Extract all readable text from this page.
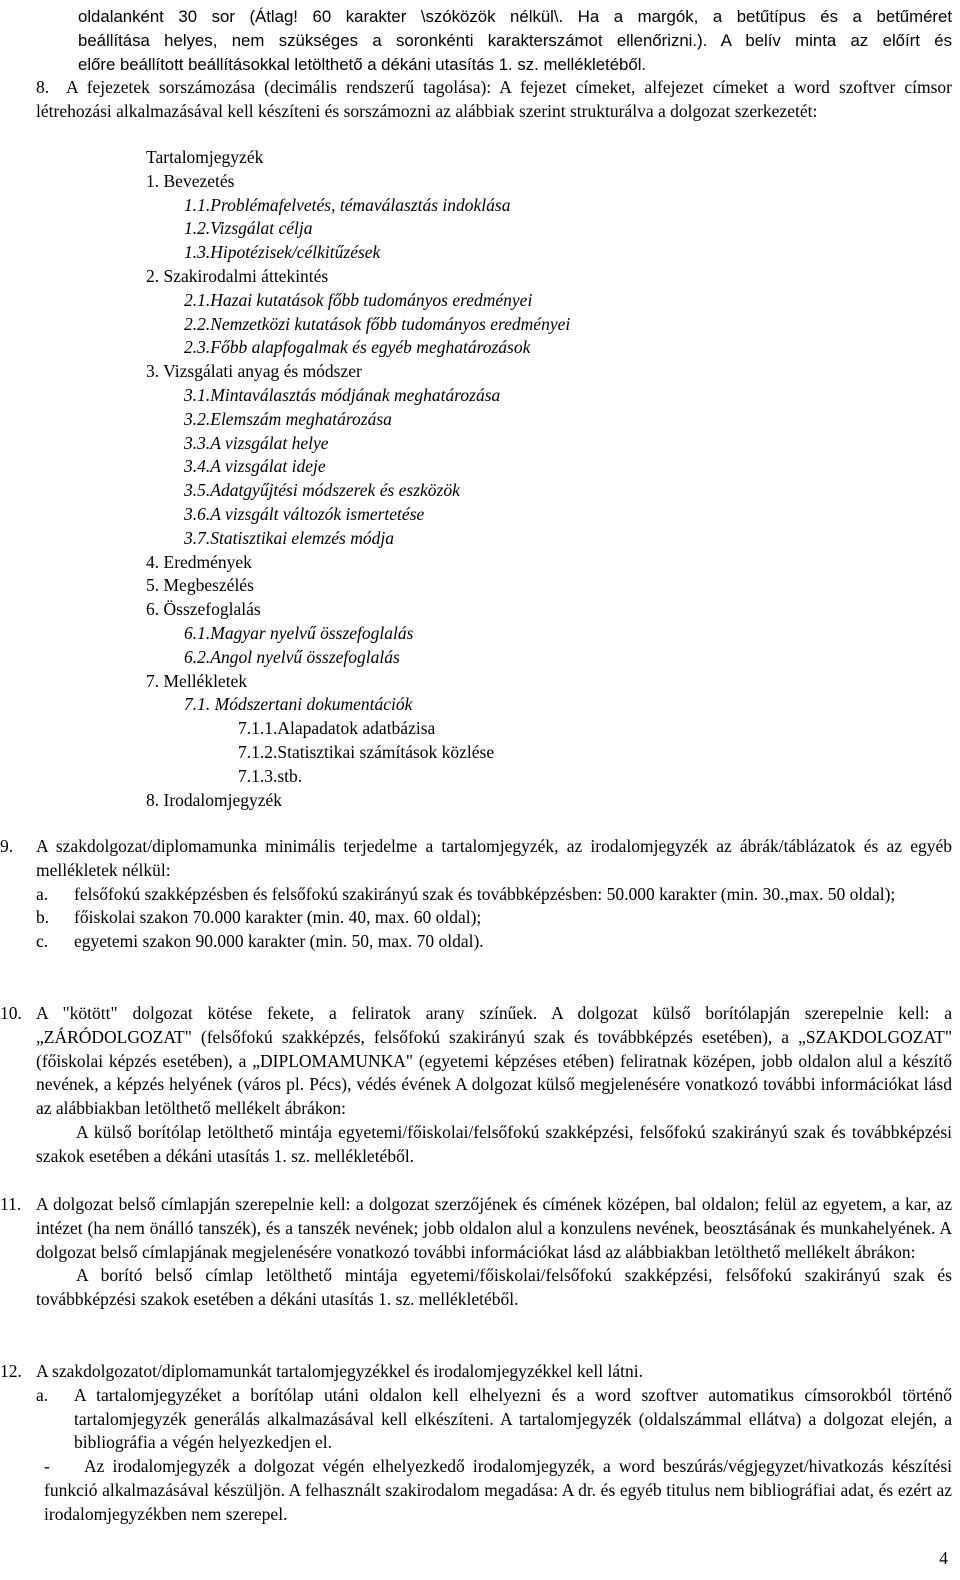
oldalanként 30 sor (Átlag! 60 karakter \szóközök nélkül\. Ha a margók, a betűtípus és a betűméret
beállítása helyes, nem szükséges a soronkénti karakterszámot ellenőrizni.). A belív minta az előírt és
előre beállított beállításokkal letölthető a dékáni utasítás 1. sz. mellékletéből.
8. A fejezetek sorszámozása (decimális rendszerű tagolása): A fejezet címeket, alfejezet címeket a word szoftver címsor létrehozási alkalmazásával kell készíteni és sorszámozni az alábbiak szerint strukturálva a dolgozat szerkezetét:
Tartalomjegyzék
1. Bevezetés
1.1.Problémafelvetés, témaválasztás indoklása
1.2.Vizsgálat célja
1.3.Hipotézisek/célkitűzések
2. Szakirodalmi áttekintés
2.1.Hazai kutatások főbb tudományos eredményei
2.2.Nemzetközi kutatások főbb tudományos eredményei
2.3.Főbb alapfogalmak és egyéb meghatározások
3. Vizsgálati anyag és módszer
3.1.Mintaválasztás módjának meghatározása
3.2.Elemszám meghatározása
3.3.A vizsgálat helye
3.4.A vizsgálat ideje
3.5.Adatgyűjtési módszerek és eszközök
3.6.A vizsgált változók ismertetése
3.7.Statisztikai elemzés módja
4. Eredmények
5. Megbeszélés
6. Összefoglalás
6.1.Magyar nyelvű összefoglalás
6.2.Angol nyelvű összefoglalás
7. Mellékletek
7.1. Módszertani dokumentációk
7.1.1.Alapadatok adatbázisa
7.1.2.Statisztikai számítások közlése
7.1.3.stb.
8. Irodalomjegyzék
9. A szakdolgozat/diplomamunka minimális terjedelme a tartalomjegyzék, az irodalomjegyzék az ábrák/táblázatok és az egyéb mellékletek nélkül:
a. felsőfokú szakképzésben és felsőfokú szakirányú szak és továbbképzésben: 50.000 karakter (min. 30.,max. 50 oldal);
b. főiskolai szakon 70.000 karakter (min. 40, max. 60 oldal);
c. egyetemi szakon 90.000 karakter (min. 50, max. 70 oldal).
10. A "kötött" dolgozat kötése fekete, a feliratok arany színűek. A dolgozat külső borítólapján szerepelnie kell: a „ZÁRÓDOLGOZAT" (felsőfokú szakképzés, felsőfokú szakirányú szak és továbbképzés esetében), a „SZAKDOLGOZAT" (főiskolai képzés esetében), a „DIPLOMAMUNKA" (egyetemi képzéses etében) feliratnak középen, jobb oldalon alul a készítő nevének, a képzés helyének (város pl. Pécs), védés évének A dolgozat külső megjelenésére vonatkozó további információkat lásd az alábbiakban letölthető mellékelt ábrákon:
A külső borítólap letölthető mintája egyetemi/főiskolai/felsőfokú szakképzési, felsőfokú szakirányú szak és továbbképzési szakok esetében a dékáni utasítás 1. sz. mellékletéből.
11. A dolgozat belső címlapján szerepelnie kell: a dolgozat szerzőjének és címének középen, bal oldalon; felül az egyetem, a kar, az intézet (ha nem önálló tanszék), és a tanszék nevének; jobb oldalon alul a konzulens nevének, beosztásának és munkahelyének. A dolgozat belső címlapjának megjelenésére vonatkozó további információkat lásd az alábbiakban letölthető mellékelt ábrákon:
A borító belső címlap letölthető mintája egyetemi/főiskolai/felsőfokú szakképzési, felsőfokú szakirányú szak és továbbképzési szakok esetében a dékáni utasítás 1. sz. mellékletéből.
12. A szakdolgozatot/diplomamunkát tartalomjegyzékkel és irodalomjegyzékkel kell látni.
a. A tartalomjegyzéket a borítólap utáni oldalon kell elhelyezni és a word szoftver automatikus címsorokból történő tartalomjegyzék generálás alkalmazásával kell elkészíteni. A tartalomjegyzék (oldalszámmal ellátva) a dolgozat elején, a bibliográfia a végén helyezkedjen el.
-	Az irodalomjegyzék a dolgozat végén elhelyezkedő irodalomjegyzék, a word beszúrás/végjegyzet/hivatkozás készítési funkció alkalmazásával készüljön. A felhasznált szakirodalom megadása: A dr. és egyéb titulus nem bibliográfiai adat, és ezért az irodalomjegyzékben nem szerepel.
4
